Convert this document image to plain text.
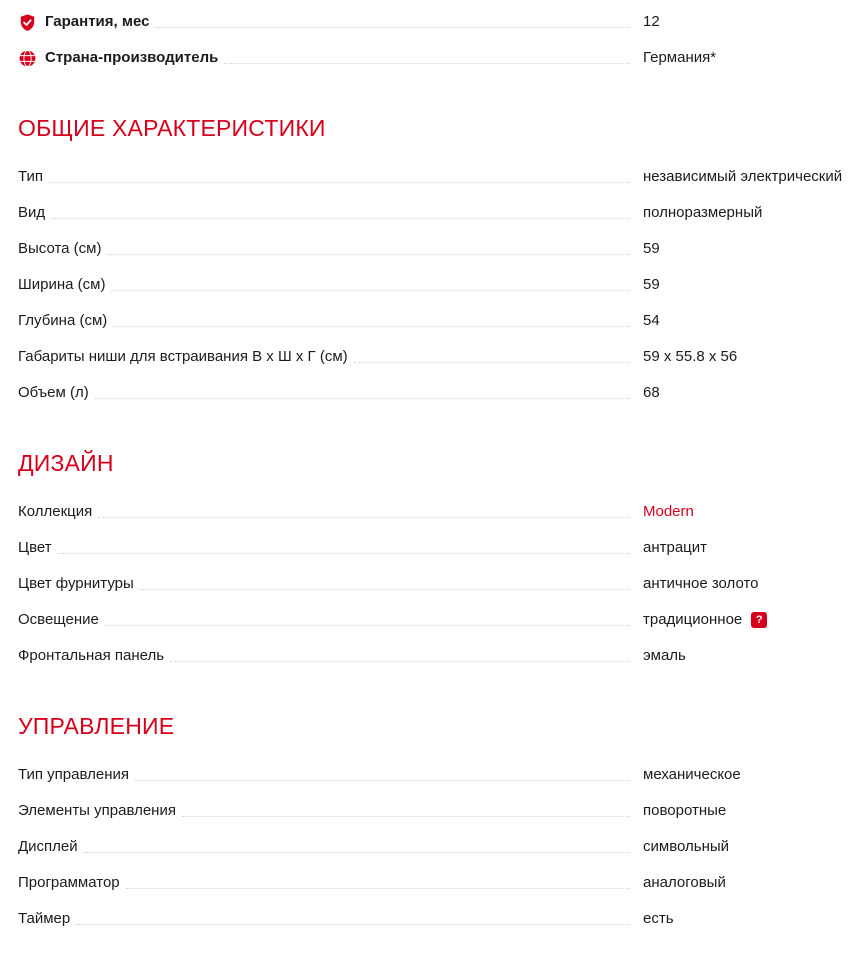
Гарантия, мес	12
Страна-производитель	Германия*
ОБЩИЕ ХАРАКТЕРИСТИКИ
Тип	независимый электрический
Вид	полноразмерный
Высота (см)	59
Ширина (см)	59
Глубина (см)	54
Габариты ниши для встраивания В х Ш х Г (см)	59 х 55.8 х 56
Объем (л)	68
ДИЗАЙН
Коллекция	Modern
Цвет	антрацит
Цвет фурнитуры	античное золото
Освещение	традиционное	?
Фронтальная панель	эмаль
УПРАВЛЕНИЕ
Тип управления	механическое
Элементы управления	поворотные
Дисплей	символьный
Программатор	аналоговый
Таймер	есть
